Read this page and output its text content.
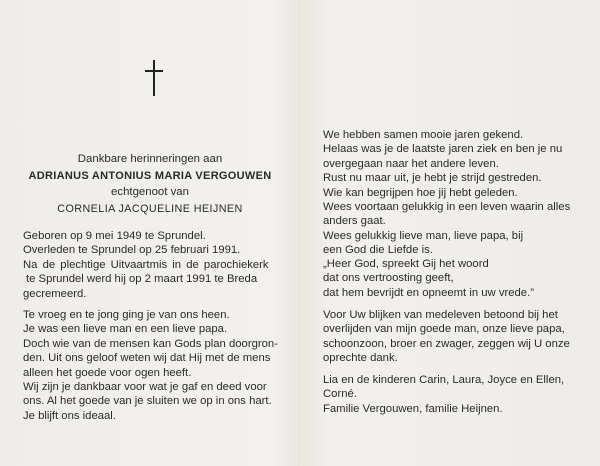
Dankbare herinneringen aan
ADRIANUS ANTONIUS MARIA VERGOUWEN
echtgenoot van
CORNELIA JACQUELINE HEIJNEN
Geboren op 9 mei 1949 te Sprundel.
Overleden te Sprundel op 25 februari 1991.
Na de plechtige Uitvaartmis in de parochiekerk
te Sprundel werd hij op 2 maart 1991 te Breda
gecremeerd.
Te vroeg en te jong ging je van ons heen.
Je was een lieve man en een lieve papa.
Doch wie van de mensen kan Gods plan doorgron-
den. Uit ons geloof weten wij dat Hij met de mens
alleen het goede voor ogen heeft.
Wij zijn je dankbaar voor wat je gaf en deed voor
ons. Al het goede van je sluiten we op in ons hart.
Je blijft ons ideaal.
We hebben samen mooie jaren gekend.
Helaas was je de laatste jaren ziek en ben je nu
overgegaan naar het andere leven.
Rust nu maar uit, je hebt je strijd gestreden.
Wie kan begrijpen hoe jij hebt geleden.
Wees voortaan gelukkig in een leven waarin alles
anders gaat.
Wees gelukkig lieve man, lieve papa, bij
een God die Liefde is.
„Heer God, spreekt Gij het woord
dat ons vertroosting geeft,
dat hem bevrijdt en opneemt in uw vrede.”
Voor Uw blijken van medeleven betoond bij het
overlijden van mijn goede man, onze lieve papa,
schoonzoon, broer en zwager, zeggen wij U onze
oprechte dank.
Lia en de kinderen Carin, Laura, Joyce en Ellen,
Corné.
Familie Vergouwen, familie Heijnen.
